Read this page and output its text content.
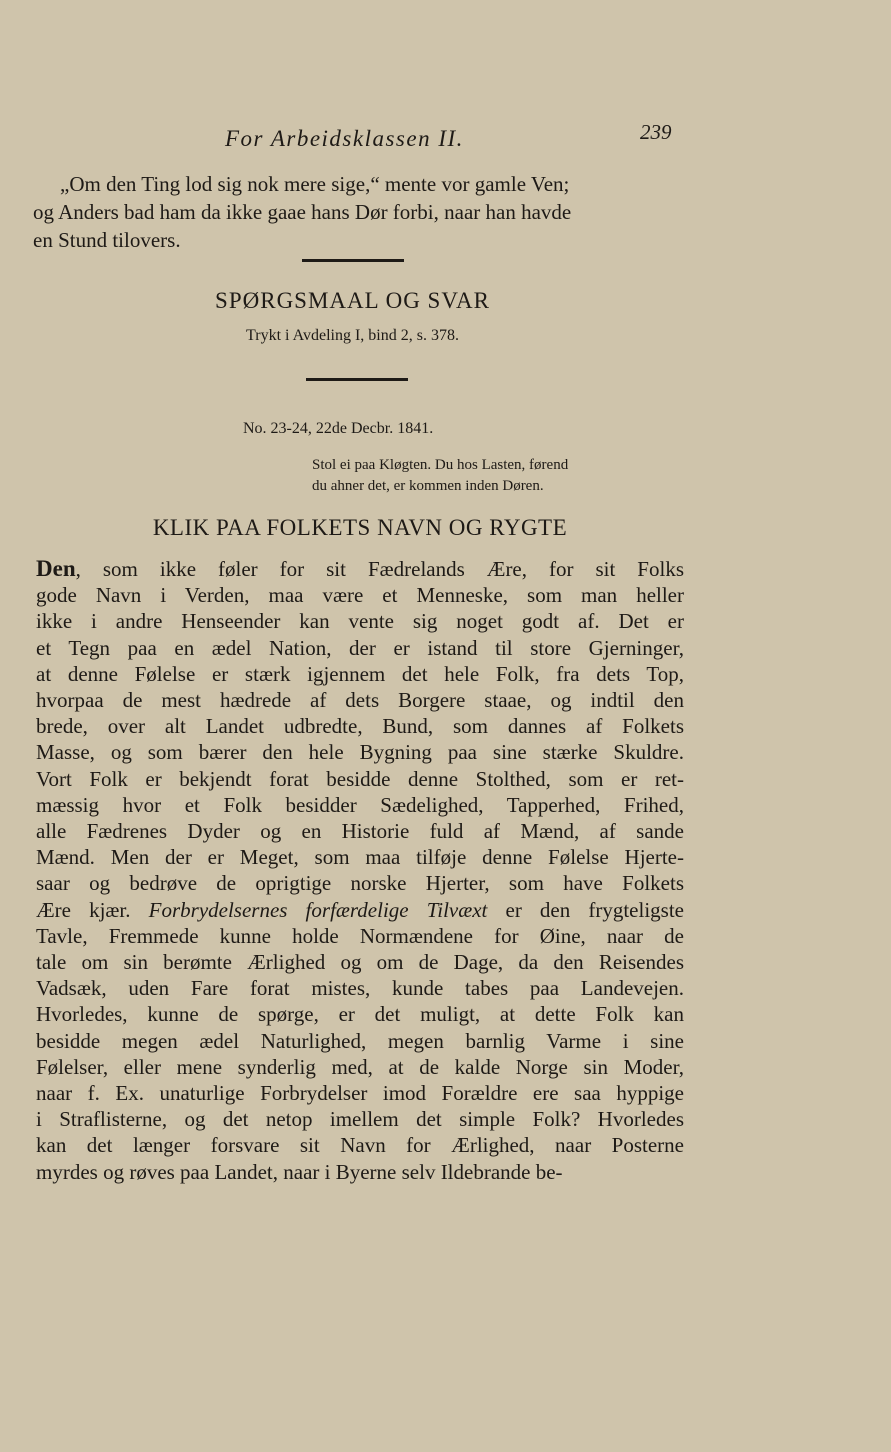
For Arbeidsklassen II.	239
„Om den Ting lod sig nok mere sige,“ mente vor gamle Ven;
og Anders bad ham da ikke gaae hans Dør forbi, naar han havde
en Stund tilovers.
SPØRGSMAAL OG SVAR
Trykt i Avdeling I, bind 2, s. 378.
No. 23-24, 22de Decbr. 1841.
Stol ei paa Kløgten. Du hos Lasten, førend
du ahner det, er kommen inden Døren.
KLIK PAA FOLKETS NAVN OG RYGTE
Den, som ikke føler for sit Fædrelands Ære, for sit Folks
gode Navn i Verden, maa være et Menneske, som man heller
ikke i andre Henseender kan vente sig noget godt af. Det er
et Tegn paa en ædel Nation, der er istand til store Gjerninger,
at denne Følelse er stærk igjennem det hele Folk, fra dets Top,
hvorpaa de mest hædrede af dets Borgere staae, og indtil den
brede, over alt Landet udbredte, Bund, som dannes af Folkets
Masse, og som bærer den hele Bygning paa sine stærke Skuldre.
Vort Folk er bekjendt forat besidde denne Stolthed, som er ret-
mæssig hvor et Folk besidder Sædelighed, Tapperhed, Frihed,
alle Fædrenes Dyder og en Historie fuld af Mænd, af sande
Mænd. Men der er Meget, som maa tilføje denne Følelse Hjerte-
saar og bedrøve de oprigtige norske Hjerter, som have Folkets
Ære kjær. Forbrydelsernes forfærdelige Tilvæxt er den frygteligste
Tavle, Fremmede kunne holde Normændene for Øine, naar de
tale om sin berømte Ærlighed og om de Dage, da den Reisendes
Vadsæk, uden Fare forat mistes, kunde tabes paa Landevejen.
Hvorledes, kunne de spørge, er det muligt, at dette Folk kan
besidde megen ædel Naturlighed, megen barnlig Varme i sine
Følelser, eller mene synderlig med, at de kalde Norge sin Moder,
naar f. Ex. unaturlige Forbrydelser imod Forældre ere saa hyppige
i Straflisterne, og det netop imellem det simple Folk? Hvorledes
kan det længer forsvare sit Navn for Ærlighed, naar Posterne
myrdes og røves paa Landet, naar i Byerne selv Ildebrande be-
